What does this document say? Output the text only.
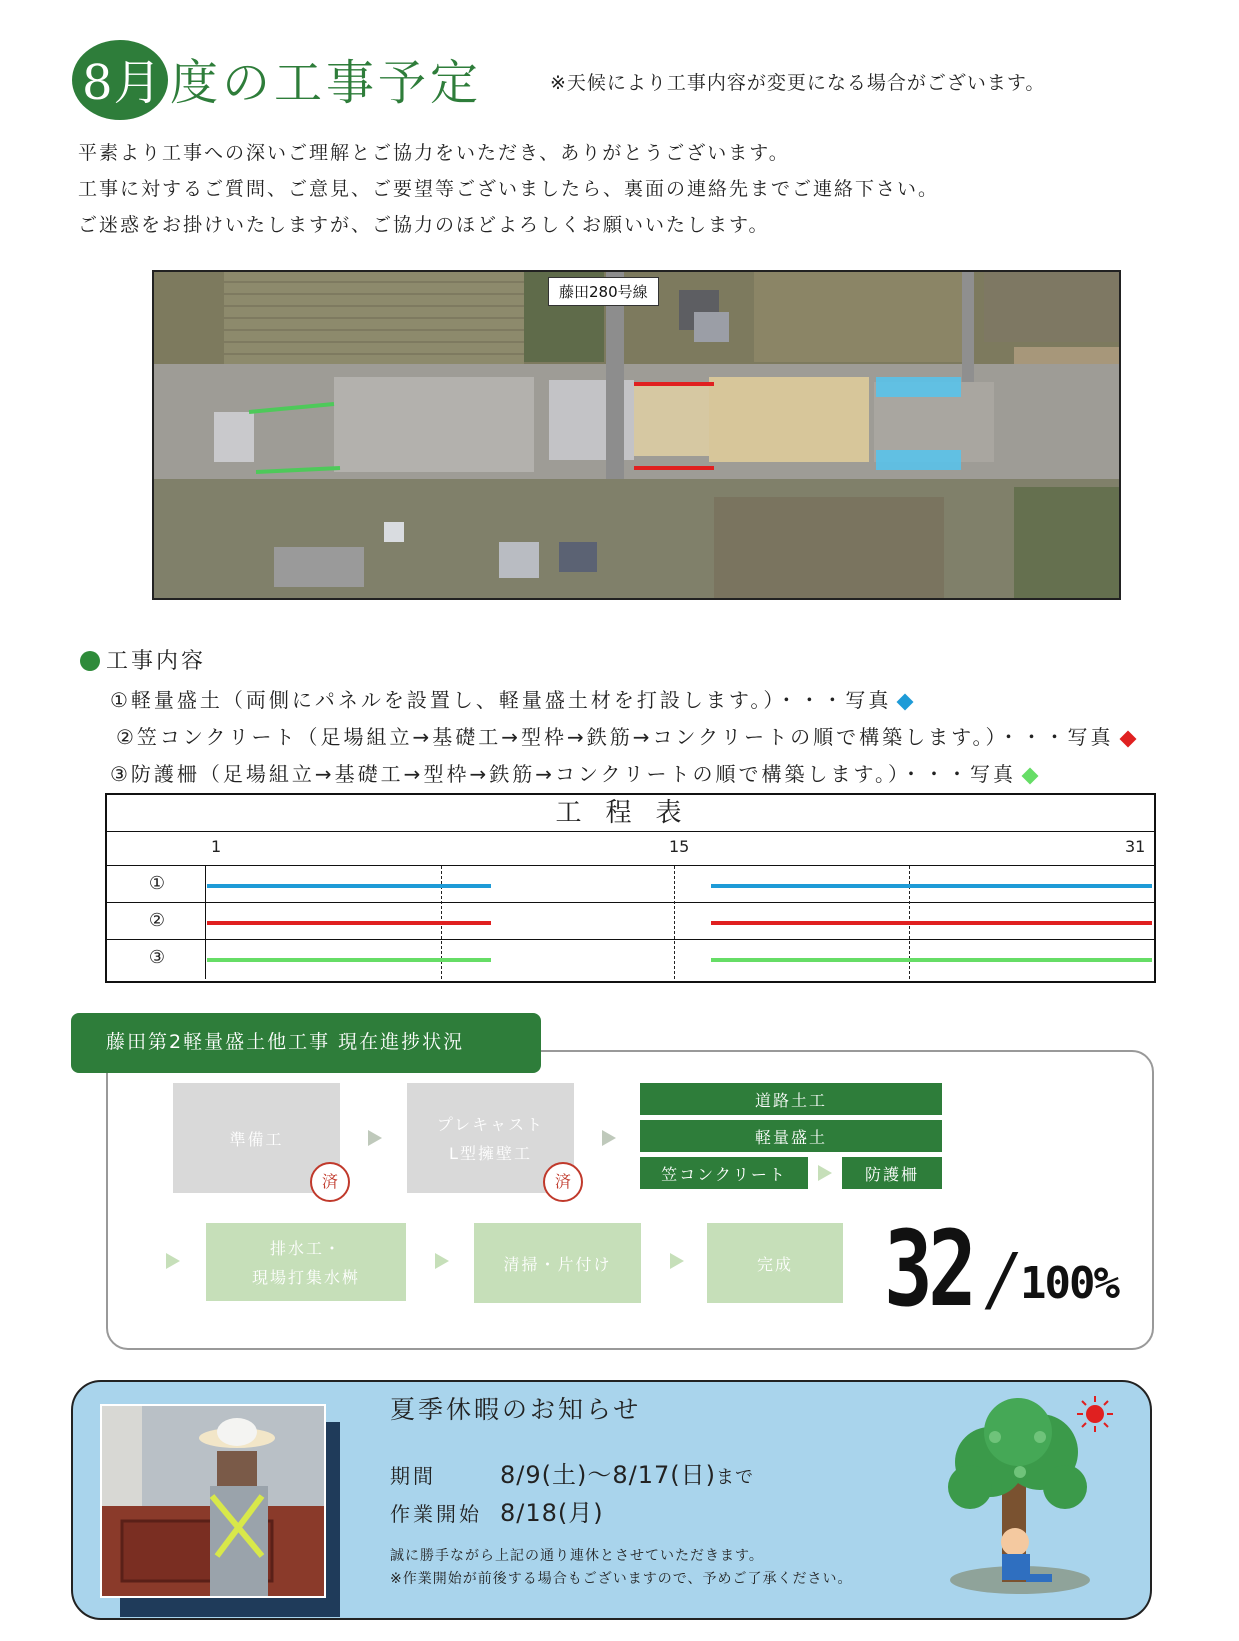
8月 度の工事予定	※天候により工事内容が変更になる場合がございます。
平素より工事への深いご理解とご協力をいただき、ありがとうございます。
工事に対するご質問、ご意見、ご要望等ございましたら、裏面の連絡先までご連絡下さい。
ご迷惑をお掛けいたしますが、ご協力のほどよろしくお願いいたします。
藤田280号線
工事内容
①軽量盛土（両側にパネルを設置し、軽量盛土材を打設します。）・・・写真
②笠コンクリート（足場組立→基礎工→型枠→鉄筋→コンクリートの順で構築します。）・・・写真
③防護柵（足場組立→基礎工→型枠→鉄筋→コンクリートの順で構築します。）・・・写真
工程表
1	15	31
①
②
③
藤田第2軽量盛土他工事 現在進捗状況
準備工
済
プレキャスト
L型擁壁工
済
道路土工
軽量盛土
笠コンクリート	防護柵
排水工・
現場打集水桝
清掃・片付け	完成 32 / 100%
夏季休暇のお知らせ
期間	8/9(土)～8/17(日)まで
作業開始 8/18(月)
誠に勝手ながら上記の通り連休とさせていただきます。
※作業開始が前後する場合もございますので、予めご了承ください。
